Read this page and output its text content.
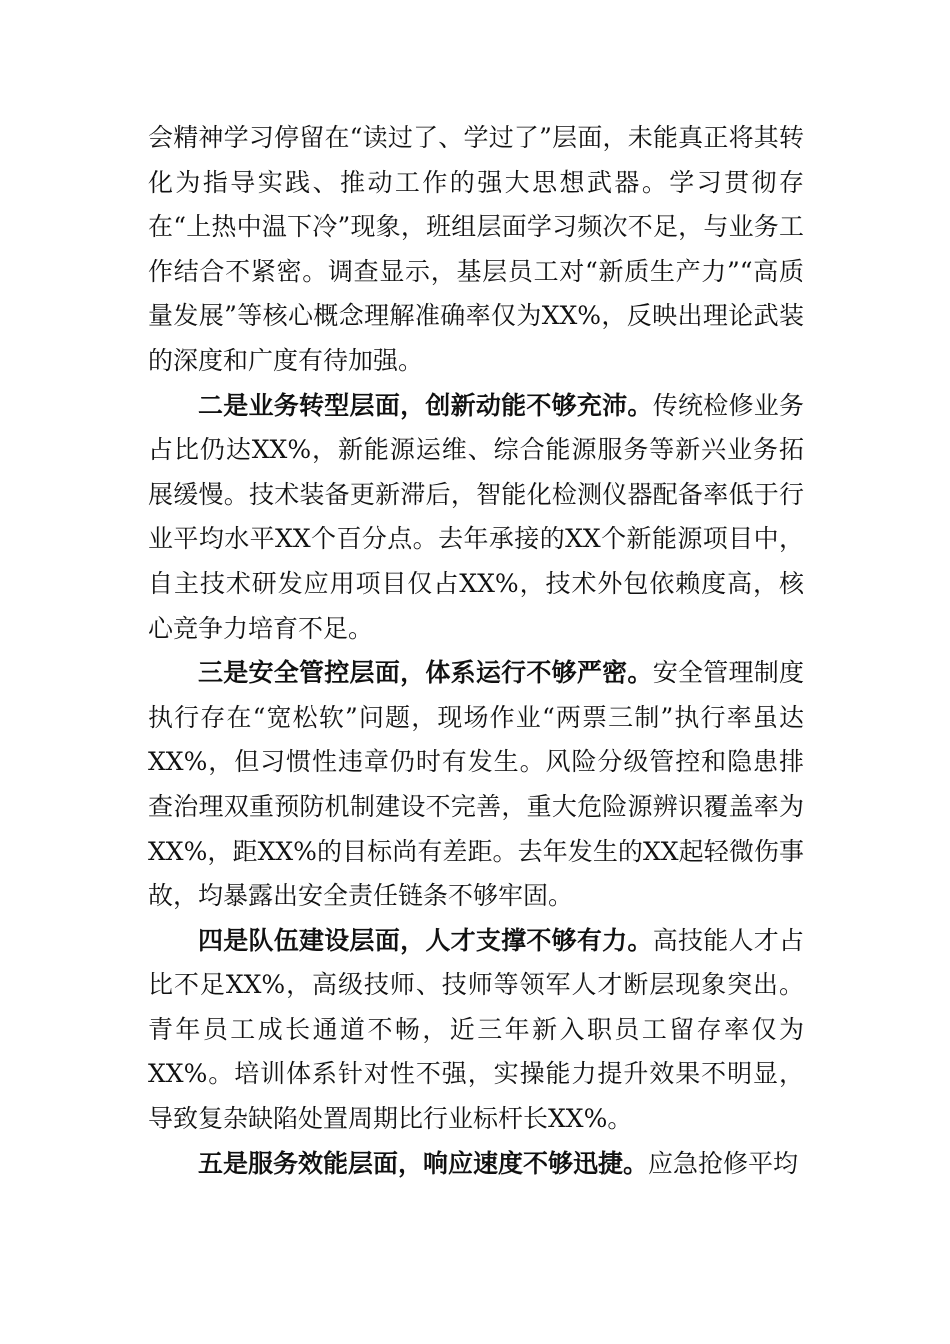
会精神学习停留在“读过了、学过了”层面，未能真正将其转化为指导实践、推动工作的强大思想武器。学习贯彻存在“上热中温下冷”现象，班组层面学习频次不足，与业务工作结合不紧密。调查显示，基层员工对“新质生产力”“高质量发展”等核心概念理解准确率仅为XX%，反映出理论武装的深度和广度有待加强。

二是业务转型层面，创新动能不够充沛。传统检修业务占比仍达XX%，新能源运维、综合能源服务等新兴业务拓展缓慢。技术装备更新滞后，智能化检测仪器配备率低于行业平均水平XX个百分点。去年承接的XX个新能源项目中，自主技术研发应用项目仅占XX%，技术外包依赖度高，核心竞争力培育不足。

三是安全管控层面，体系运行不够严密。安全管理制度执行存在“宽松软”问题，现场作业“两票三制”执行率虽达XX%，但习惯性违章仍时有发生。风险分级管控和隐患排查治理双重预防机制建设不完善，重大危险源辨识覆盖率为XX%，距XX%的目标尚有差距。去年发生的XX起轻微伤事故，均暴露出安全责任链条不够牢固。

四是队伍建设层面，人才支撑不够有力。高技能人才占比不足XX%，高级技师、技师等领军人才断层现象突出。青年员工成长通道不畅，近三年新入职员工留存率仅为XX%。培训体系针对性不强，实操能力提升效果不明显，导致复杂缺陷处置周期比行业标杆长XX%。

五是服务效能层面，响应速度不够迅捷。应急抢修平均
